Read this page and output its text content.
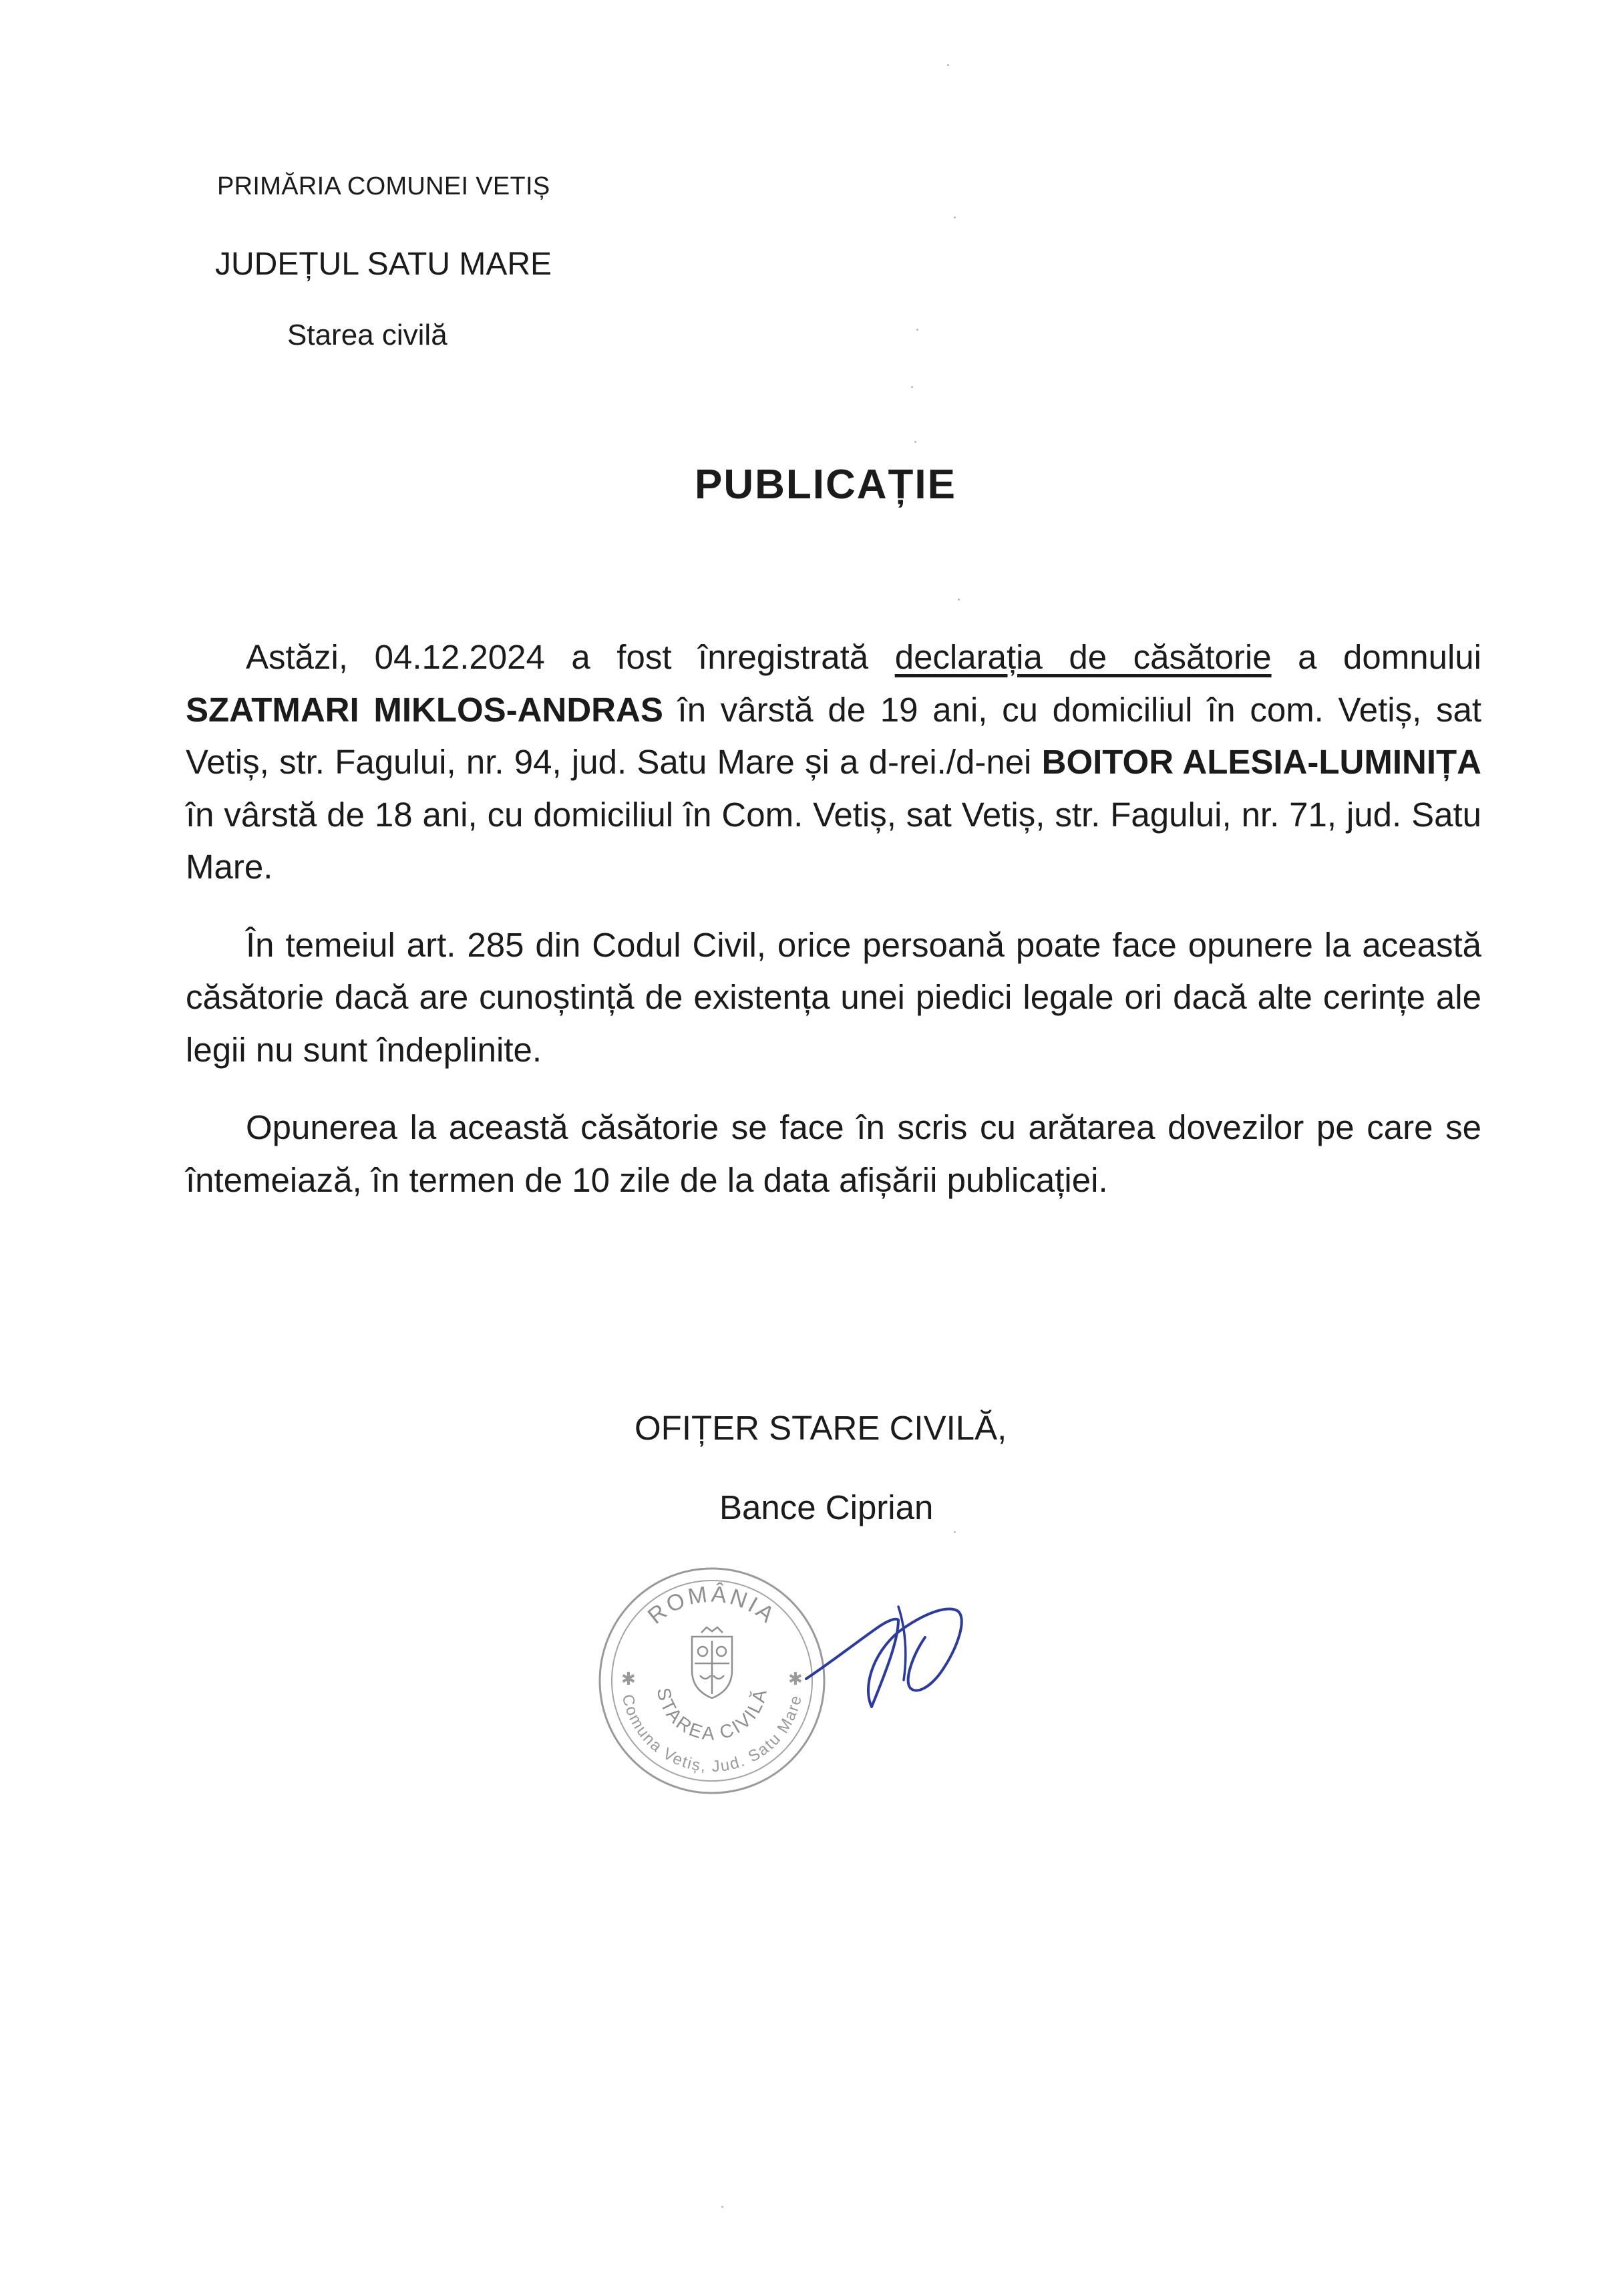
PRIMĂRIA COMUNEI VETIȘ
JUDEȚUL SATU MARE
Starea civilă
PUBLICAȚIE

Astăzi, 04.12.2024 a fost înregistrată declarația de căsătorie a domnului SZATMARI MIKLOS-ANDRAS în vârstă de 19 ani, cu domiciliul în com. Vetiș, sat Vetiș, str. Fagului, nr. 94, jud. Satu Mare și a d-rei./d-nei BOITOR ALESIA-LUMINIȚA în vârstă de 18 ani, cu domiciliul în Com. Vetiș, sat Vetiș, str. Fagului, nr. 71, jud. Satu Mare.

În temeiul art. 285 din Codul Civil, orice persoană poate face opunere la această căsătorie dacă are cunoștință de existența unei piedici legale ori dacă alte cerințe ale legii nu sunt îndeplinite.

Opunerea la această căsătorie se face în scris cu arătarea dovezilor pe care se întemeiază, în termen de 10 zile de la data afișării publicației.

OFIȚER STARE CIVILĂ,
Bance Ciprian
ROMÂNIA
Comuna Vetiș, Jud. Satu Mare
STAREA CIVILĂ
✱	✱
